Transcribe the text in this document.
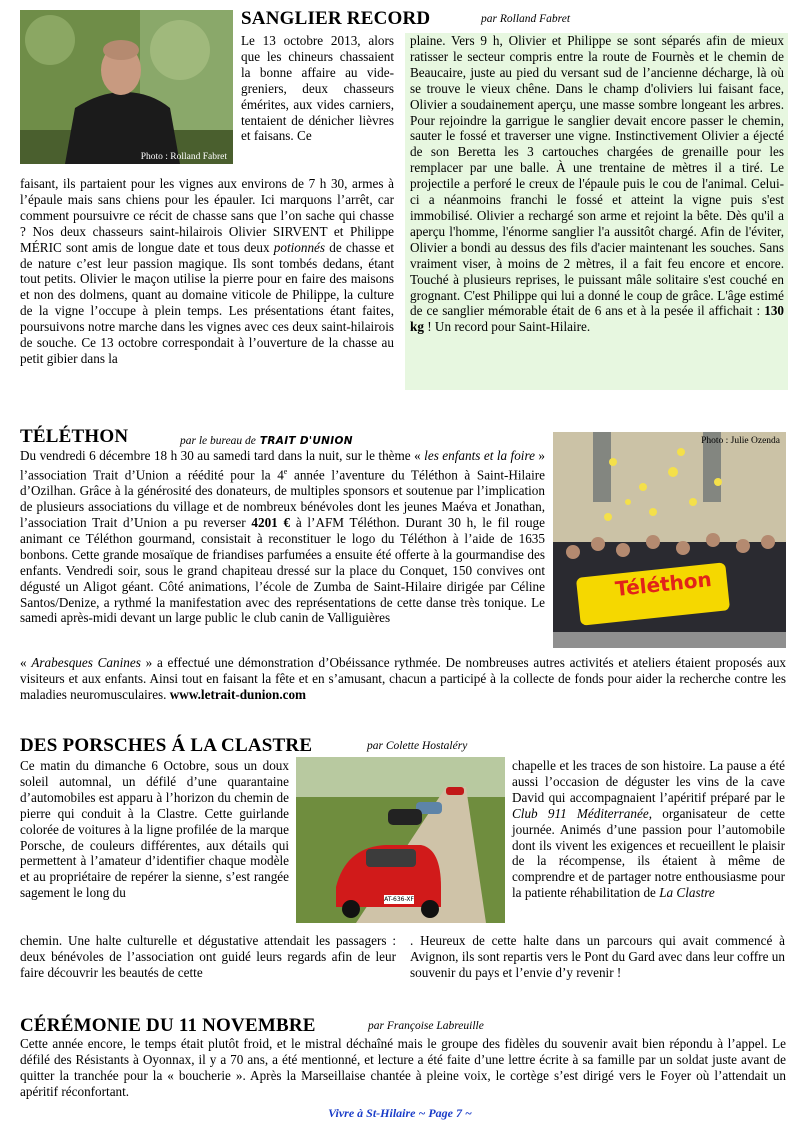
Photo : Rolland Fabret
SANGLIER RECORD	par Rolland Fabret

Le 13 octobre 2013, alors que les chineurs chassaient la bonne affaire au vide-greniers, deux chasseurs émérites, aux vides carniers, tentaient de dénicher lièvres et faisans. Ce

faisant, ils partaient pour les vignes aux environs de 7 h 30, armes à l’épaule mais sans chiens pour les épauler. Ici marquons l’arrêt, car comment poursuivre ce récit de chasse sans que l’on sache qui chasse ? Nos deux chasseurs saint-hilairois Olivier SIRVENT et Philippe MÉRIC sont amis de longue date et tous deux potionnés de chasse et de nature c’est leur passion magique. Ils sont tombés dedans, étant tout petits. Olivier le maçon utilise la pierre pour en faire des maisons et non des dolmens, quant au domaine viticole de Philippe, la culture de la vigne l’occupe à plein temps. Les présentations étant faites, poursuivons notre marche dans les vignes avec ces deux saint-hilairois de souche. Ce 13 octobre correspondait à l’ouverture de la chasse au petit gibier dans la

plaine. Vers 9 h, Olivier et Philippe se sont séparés afin de mieux ratisser le secteur compris entre la route de Fournès et le chemin de Beaucaire, juste au pied du versant sud de l’ancienne décharge, là où se trouve le vieux chêne. Dans le champ d'oliviers lui faisant face, Olivier a soudainement aperçu, une masse sombre longeant les arbres. Pour rejoindre la garrigue le sanglier devait encore passer le chemin, sauter le fossé et traverser une vigne. Instinctivement Olivier a éjecté de son Beretta les 3 cartouches chargées de grenaille pour les remplacer par une balle. À une trentaine de mètres il a tiré. Le projectile a perforé le creux de l'épaule puis le cou de l'animal. Celui-ci a néanmoins franchi le fossé et atteint la vigne puis s'est immobilisé. Olivier a rechargé son arme et rejoint la bête. Dès qu'il a aperçu l'homme, l'énorme sanglier l'a aussitôt chargé. Afin de l'éviter, Olivier a bondi au dessus des fils d'acier maintenant les souches. Sans vraiment viser, à moins de 2 mètres, il a fait feu encore et encore. Touché à plusieurs reprises, le puissant mâle solitaire s'est couché en grognant. C'est Philippe qui lui a donné le coup de grâce. L'âge estimé de ce sanglier mémorable était de 6 ans et à la pesée il affichait : 130 kg ! Un record pour Saint-Hilaire.

TÉLÉTHON	par le bureau de TRAIT D'UNION
Téléthon
Photo : Julie Ozenda

Du vendredi 6 décembre 18 h 30 au samedi tard dans la nuit, sur le thème « les enfants et la foire » l’association Trait d’Union a réédité pour la 4e année l’aventure du Téléthon à Saint-Hilaire d’Ozilhan. Grâce à la générosité des donateurs, de multiples sponsors et soutenue par l’implication de plusieurs associations du village et de nombreux bénévoles dont les jeunes Maéva et Jonathan, l’association Trait d’Union a pu reverser 4201 € à l’AFM Téléthon. Durant 30 h, le fil rouge animant ce Téléthon gourmand, consistait à reconstituer le logo du Téléthon à l’aide de 1635 bonbons. Cette grande mosaïque de friandises parfumées a ensuite été offerte à la gourmandise des enfants. Vendredi soir, sous le grand chapiteau dressé sur la place du Conquet, 150 convives ont dégusté un Aligot géant. Côté animations, l’école de Zumba de Saint-Hilaire dirigée par Céline Santos/Denize, a rythmé la manifestation avec des représentations de cette danse très tonique. Le samedi après-midi devant un large public le club canin de Valliguières

« Arabesques Canines » a effectué une démonstration d’Obéissance rythmée. De nombreuses autres activités et ateliers étaient proposés aux visiteurs et aux enfants. Ainsi tout en faisant la fête et en s’amusant, chacun a participé à la collecte de fonds pour aider la recherche contre les maladies neuromusculaires. www.letrait-dunion.com

DES PORSCHES Á LA CLASTRE	par Colette Hostaléry

Ce matin du dimanche 6 Octobre, sous un doux soleil automnal, un défilé d’une quarantaine d’automobiles est apparu à l’horizon du chemin de pierre qui conduit à la Clastre. Cette guirlande colorée de voitures à la ligne profilée de la marque Porsche, de couleurs différentes, aux détails qui permettent à l’amateur d’identifier chaque modèle et au propriétaire de repérer la sienne, s’est rangée sagement le long du

chemin. Une halte culturelle et dégustative attendait les passagers : deux bénévoles de l’association ont guidé leurs regards afin de leur faire découvrir les beautés de cette

AT-636-XF

chapelle et les traces de son histoire. La pause a été aussi l’occasion de déguster les vins de la cave David qui accompagnaient l’apéritif préparé par le Club 911 Méditerranée, organisateur de cette journée. Animés d’une passion pour l’automobile dont ils vivent les exigences et recueillent le plaisir de la récompense, ils étaient à même de comprendre et de partager notre enthousiasme pour la patiente réhabilitation de La Clastre

. Heureux de cette halte dans un parcours qui avait commencé à Avignon, ils sont repartis vers le Pont du Gard avec dans leur coffre un souvenir du pays et l’envie d’y revenir !

CÉRÉMONIE DU 11 NOVEMBRE	par Françoise Labreuille

Cette année encore, le temps était plutôt froid, et le mistral déchaîné mais le groupe des fidèles du souvenir avait bien répondu à l’appel. Le défilé des Résistants à Oyonnax, il y a 70 ans, a été mentionné, et lecture a été faite d’une lettre écrite à sa famille par un soldat juste avant de quitter la tranchée pour la « boucherie ». Après la Marseillaise chantée à pleine voix, le cortège s’est dirigé vers le Foyer où l’attendait un apéritif réconfortant.

Vivre à St-Hilaire ~ Page 7 ~
